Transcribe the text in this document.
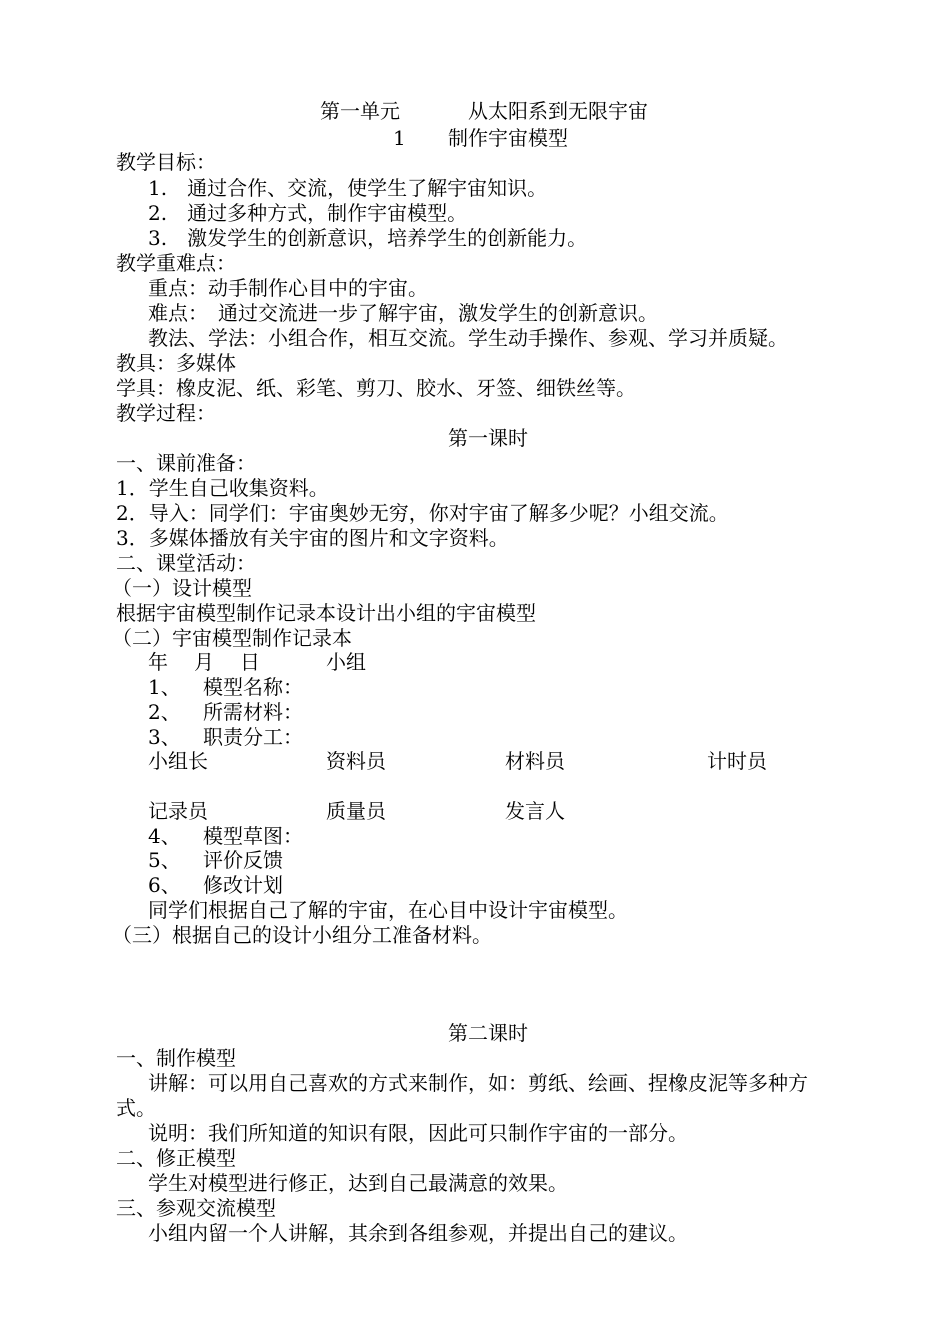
第一单元	从太阳系到无限宇宙
1 制作宇宙模型
教学目标：
1.　通过合作、交流，使学生了解宇宙知识。
2.　通过多种方式，制作宇宙模型。
3.　激发学生的创新意识，培养学生的创新能力。
教学重难点：
重点：动手制作心目中的宇宙。
难点：　通过交流进一步了解宇宙，激发学生的创新意识。
教法、学法：小组合作，相互交流。学生动手操作、参观、学习并质疑。
教具：多媒体
学具：橡皮泥、纸、彩笔、剪刀、胶水、牙签、细铁丝等。
教学过程：
第一课时
一、课前准备：
1．学生自己收集资料。
2．导入：同学们：宇宙奥妙无穷，你对宇宙了解多少呢？小组交流。
3．多媒体播放有关宇宙的图片和文字资料。
二、课堂活动：
（一）设计模型
根据宇宙模型制作记录本设计出小组的宇宙模型
（二）宇宙模型制作记录本
年 月 日	小组
1、 模型名称：
2、 所需材料：
3、 职责分工：
小组长	资料员	材料员	计时员
记录员	质量员	发言人
4、 模型草图：
5、 评价反馈
6、 修改计划
同学们根据自己了解的宇宙，在心目中设计宇宙模型。
（三）根据自己的设计小组分工准备材料。
第二课时
一、制作模型
讲解：可以用自己喜欢的方式来制作，如：剪纸、绘画、捏橡皮泥等多种方
式。
说明：我们所知道的知识有限，因此可只制作宇宙的一部分。
二、修正模型
学生对模型进行修正，达到自己最满意的效果。
三、参观交流模型
小组内留一个人讲解，其余到各组参观，并提出自己的建议。
